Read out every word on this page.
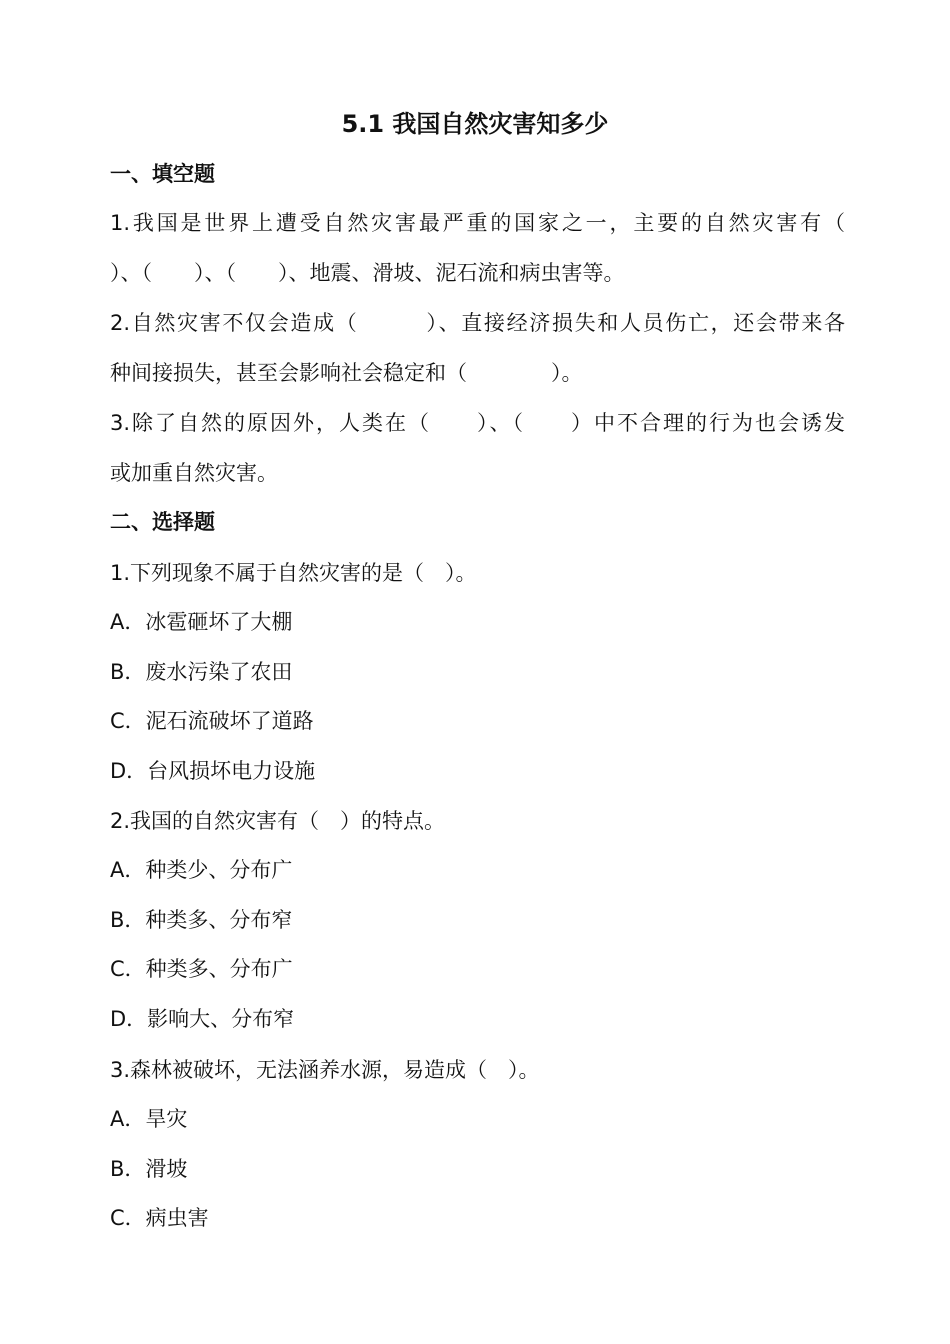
5.1 我国自然灾害知多少

一、填空题

1.我国是世界上遭受自然灾害最严重的国家之一，主要的自然灾害有（

）、（　　）、（　　）、地震、滑坡、泥石流和病虫害等。

2.自然灾害不仅会造成（　　　）、直接经济损失和人员伤亡，还会带来各

种间接损失，甚至会影响社会稳定和（　　　　）。

3.除了自然的原因外，人类在（　　）、（　　）中不合理的行为也会诱发

或加重自然灾害。

二、选择题

1.下列现象不属于自然灾害的是（　）。

A．冰雹砸坏了大棚

B．废水污染了农田

C．泥石流破坏了道路

D．台风损坏电力设施

2.我国的自然灾害有（　）的特点。

A．种类少、分布广

B．种类多、分布窄

C．种类多、分布广

D．影响大、分布窄

3.森林被破坏，无法涵养水源，易造成（　）。

A．旱灾

B．滑坡

C．病虫害
